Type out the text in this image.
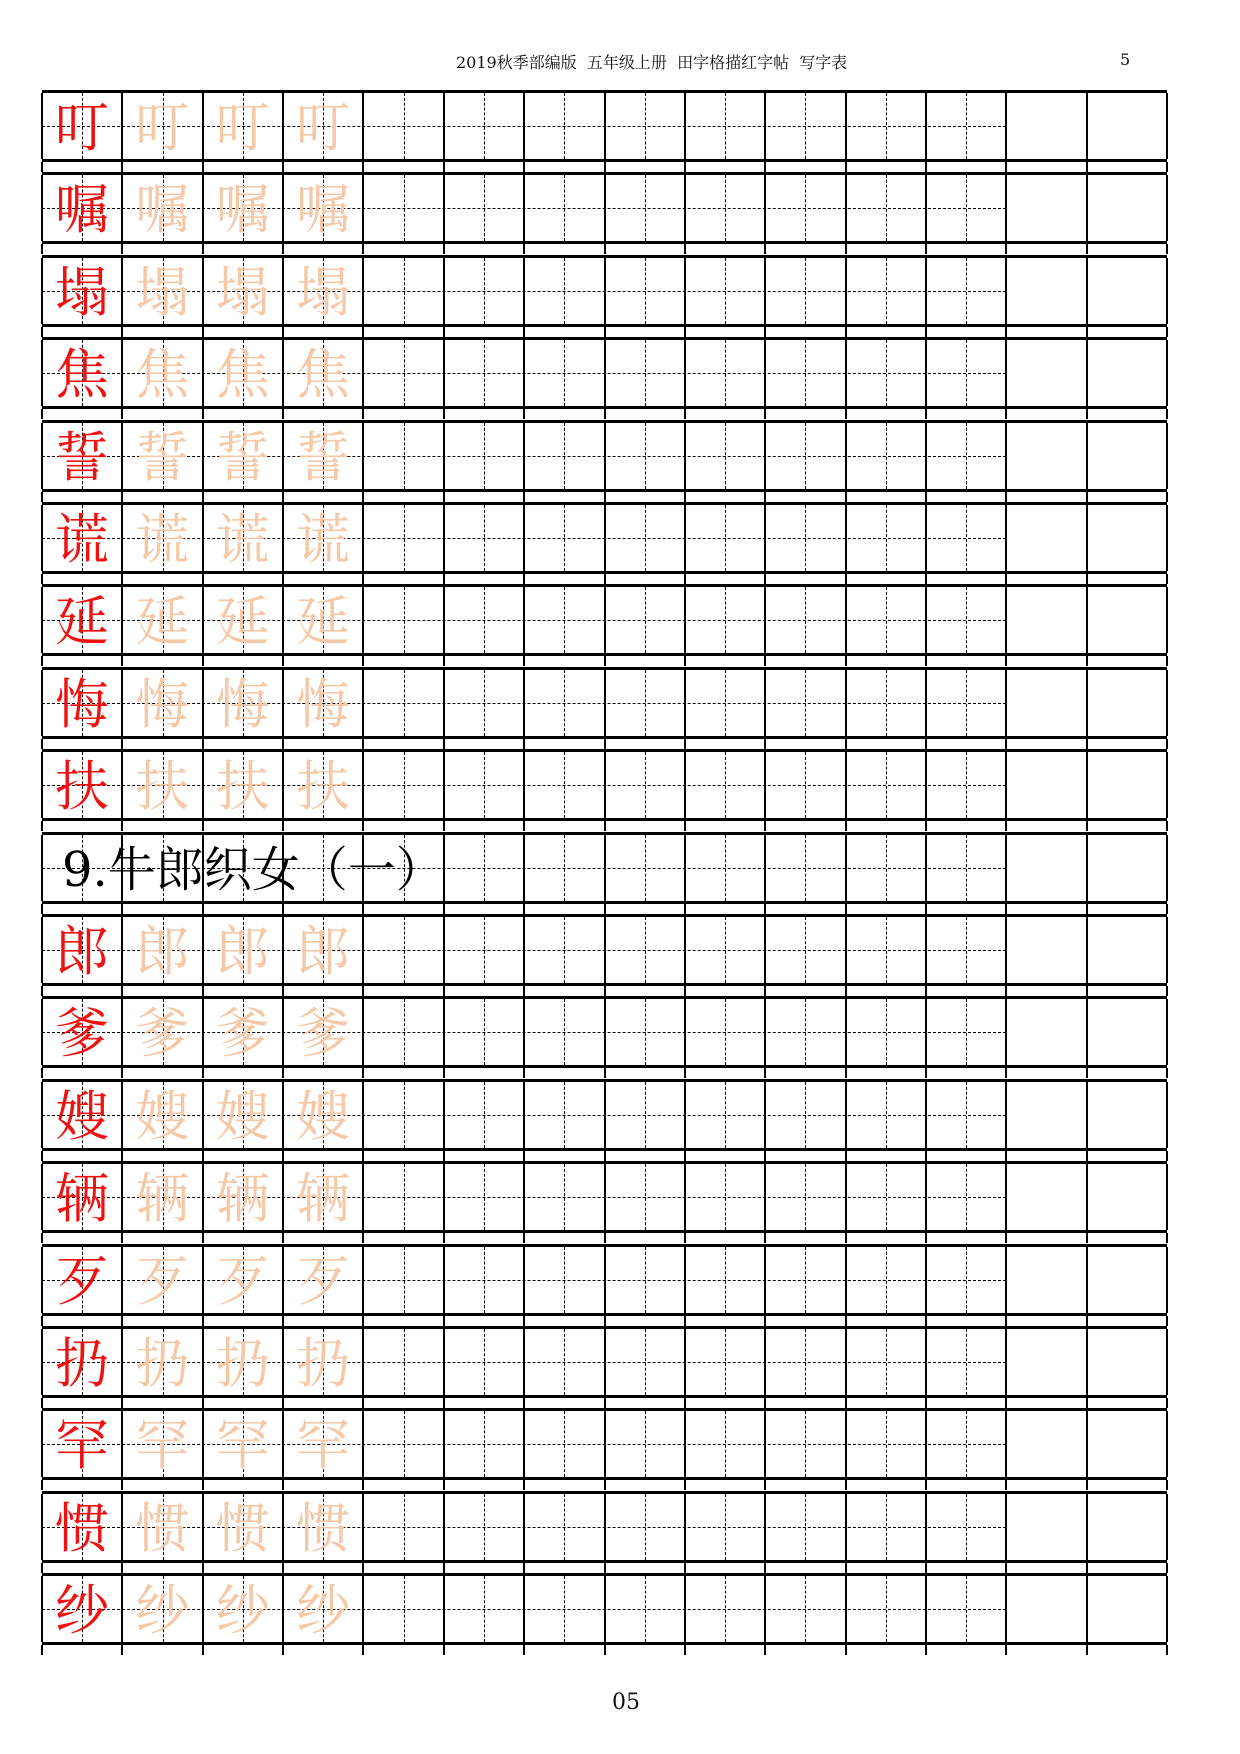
2019秋季部编版  五年级上册  田字格描红字帖  写字表	5
叮 叮 叮 叮
嘱 嘱 嘱 嘱
塌 塌 塌 塌
焦 焦 焦 焦
誓 誓 誓 誓
谎 谎 谎 谎
延 延 延 延
悔 悔 悔 悔
扶 扶 扶 扶
9.牛郎织女（一）
郎 郎 郎 郎
爹 爹 爹 爹
嫂 嫂 嫂 嫂
辆 辆 辆 辆
歹 歹 歹 歹
扔 扔 扔 扔
罕 罕 罕 罕
惯 惯 惯 惯
纱 纱 纱 纱
05
